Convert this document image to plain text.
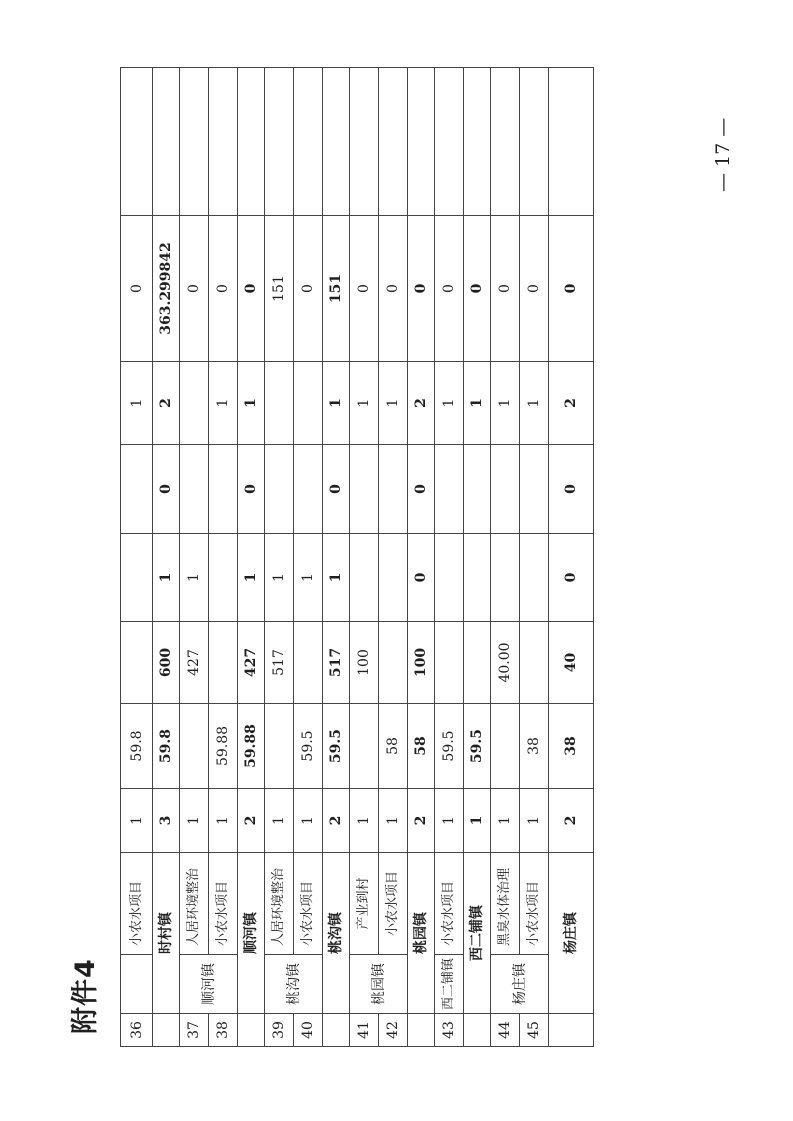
附件4
— 17 —
36		小农水项目	1	59.8				1	0	
	时村镇		3	59.8	600	1	0	2	363.299842	
37	顺河镇	人居环境整治	1		427	1			0	
38		小农水项目	1	59.88				1	0	
	顺河镇		2	59.88	427	1	0	1	0	
39	桃沟镇	人居环境整治	1		517	1			151	
40		小农水项目	1	59.5		1			0	
	桃沟镇		2	59.5	517	1	0	1	151	
41	桃园镇	产业到村	1		100			1	0	
42		小农水项目	1	58				1	0	
	桃园镇		2	58	100	0	0	2	0	
43	西二铺镇	小农水项目	1	59.5				1	0	
	西二铺镇		1	59.5				1	0	
44	杨庄镇	黑臭水体治理	1		40.00			1	0	
45		小农水项目	1	38				1	0	
	杨庄镇		2	38	40	0	0	2	0	
